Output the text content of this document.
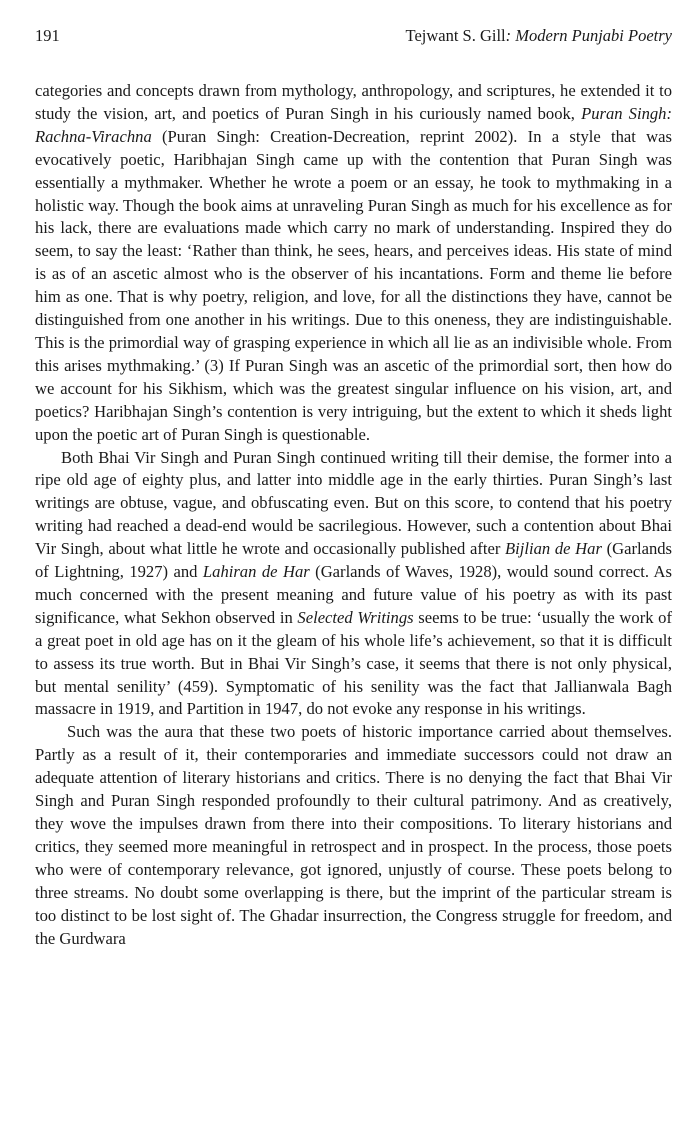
191	Tejwant S. Gill: Modern Punjabi Poetry

categories and concepts drawn from mythology, anthropology, and scriptures, he extended it to study the vision, art, and poetics of Puran Singh in his curiously named book, Puran Singh: Rachna-Virachna (Puran Singh: Creation-Decreation, reprint 2002). In a style that was evocatively poetic, Haribhajan Singh came up with the contention that Puran Singh was essentially a mythmaker. Whether he wrote a poem or an essay, he took to mythmaking in a holistic way. Though the book aims at unraveling Puran Singh as much for his excellence as for his lack, there are evaluations made which carry no mark of understanding. Inspired they do seem, to say the least: ‘Rather than think, he sees, hears, and perceives ideas. His state of mind is as of an ascetic almost who is the observer of his incantations. Form and theme lie before him as one. That is why poetry, religion, and love, for all the distinctions they have, cannot be distinguished from one another in his writings. Due to this oneness, they are indistinguishable. This is the primordial way of grasping experience in which all lie as an indivisible whole. From this arises mythmaking.’ (3) If Puran Singh was an ascetic of the primordial sort, then how do we account for his Sikhism, which was the greatest singular influence on his vision, art, and poetics? Haribhajan Singh’s contention is very intriguing, but the extent to which it sheds light upon the poetic art of Puran Singh is questionable.

Both Bhai Vir Singh and Puran Singh continued writing till their demise, the former into a ripe old age of eighty plus, and latter into middle age in the early thirties. Puran Singh’s last writings are obtuse, vague, and obfuscating even. But on this score, to contend that his poetry writing had reached a dead-end would be sacrilegious. However, such a contention about Bhai Vir Singh, about what little he wrote and occasionally published after Bijlian de Har (Garlands of Lightning, 1927) and Lahiran de Har (Garlands of Waves, 1928), would sound correct. As much concerned with the present meaning and future value of his poetry as with its past significance, what Sekhon observed in Selected Writings seems to be true: ‘usually the work of a great poet in old age has on it the gleam of his whole life’s achievement, so that it is difficult to assess its true worth. But in Bhai Vir Singh’s case, it seems that there is not only physical, but mental senility’ (459). Symptomatic of his senility was the fact that Jallianwala Bagh massacre in 1919, and Partition in 1947, do not evoke any response in his writings.

Such was the aura that these two poets of historic importance carried about themselves. Partly as a result of it, their contemporaries and immediate successors could not draw an adequate attention of literary historians and critics. There is no denying the fact that Bhai Vir Singh and Puran Singh responded profoundly to their cultural patrimony. And as creatively, they wove the impulses drawn from there into their compositions. To literary historians and critics, they seemed more meaningful in retrospect and in prospect. In the process, those poets who were of contemporary relevance, got ignored, unjustly of course. These poets belong to three streams. No doubt some overlapping is there, but the imprint of the particular stream is too distinct to be lost sight of. The Ghadar insurrection, the Congress struggle for freedom, and the Gurdwara
